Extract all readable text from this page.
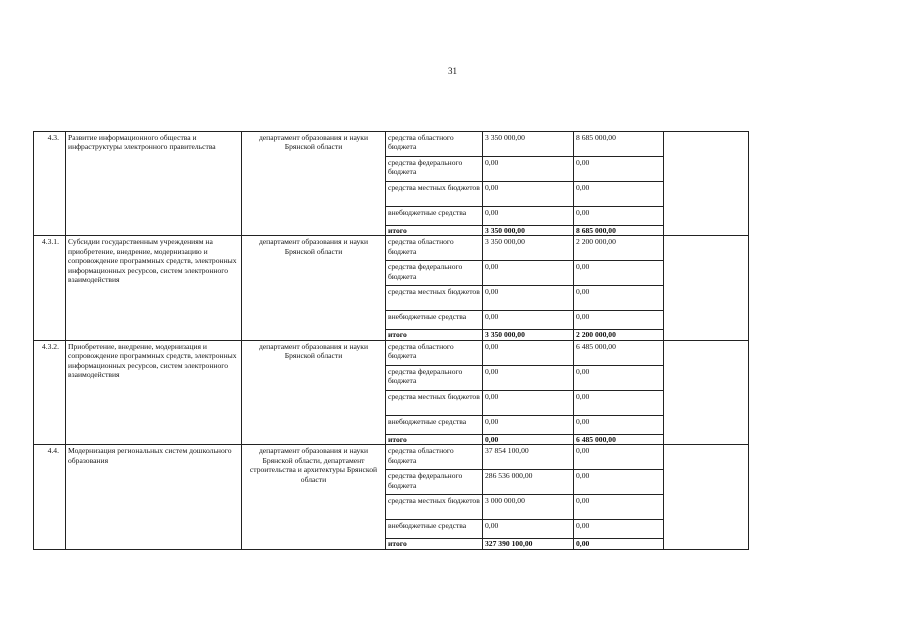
31
4.3.	Развитие информационного общества и инфраструктуры электронного правительства	департамент образования и науки Брянской области	средства областного бюджета	3 350 000,00	8 685 000,00	
			средства федерального бюджета	0,00	0,00	
			средства местных бюджетов	0,00	0,00	
			внебюджетные средства	0,00	0,00	
			итого	3 350 000,00	8 685 000,00	
4.3.1.	Субсидии государственным учреждениям на приобретение, внедрение, модернизацию и сопровождение программных средств, электронных информационных ресурсов, систем электронного взаимодействия	департамент образования и науки Брянской области	средства областного бюджета	3 350 000,00	2 200 000,00	
			средства федерального бюджета	0,00	0,00	
			средства местных бюджетов	0,00	0,00	
			внебюджетные средства	0,00	0,00	
			итого	3 350 000,00	2 200 000,00	
4.3.2.	Приобретение, внедрение, модернизация и сопровождение программных средств, электронных информационных ресурсов, систем электронного взаимодействия	департамент образования и науки Брянской области	средства областного бюджета	0,00	6 485 000,00	
			средства федерального бюджета	0,00	0,00	
			средства местных бюджетов	0,00	0,00	
			внебюджетные средства	0,00	0,00	
			итого	0,00	6 485 000,00	
4.4.	Модернизация региональных систем дошкольного образования	департамент образования и науки Брянской области, департамент строительства и архитектуры Брянской области	средства областного бюджета	37 854 100,00	0,00	
			средства федерального бюджета	286 536 000,00	0,00	
			средства местных бюджетов	3 000 000,00	0,00	
			внебюджетные средства	0,00	0,00	
			итого	327 390 100,00	0,00	
